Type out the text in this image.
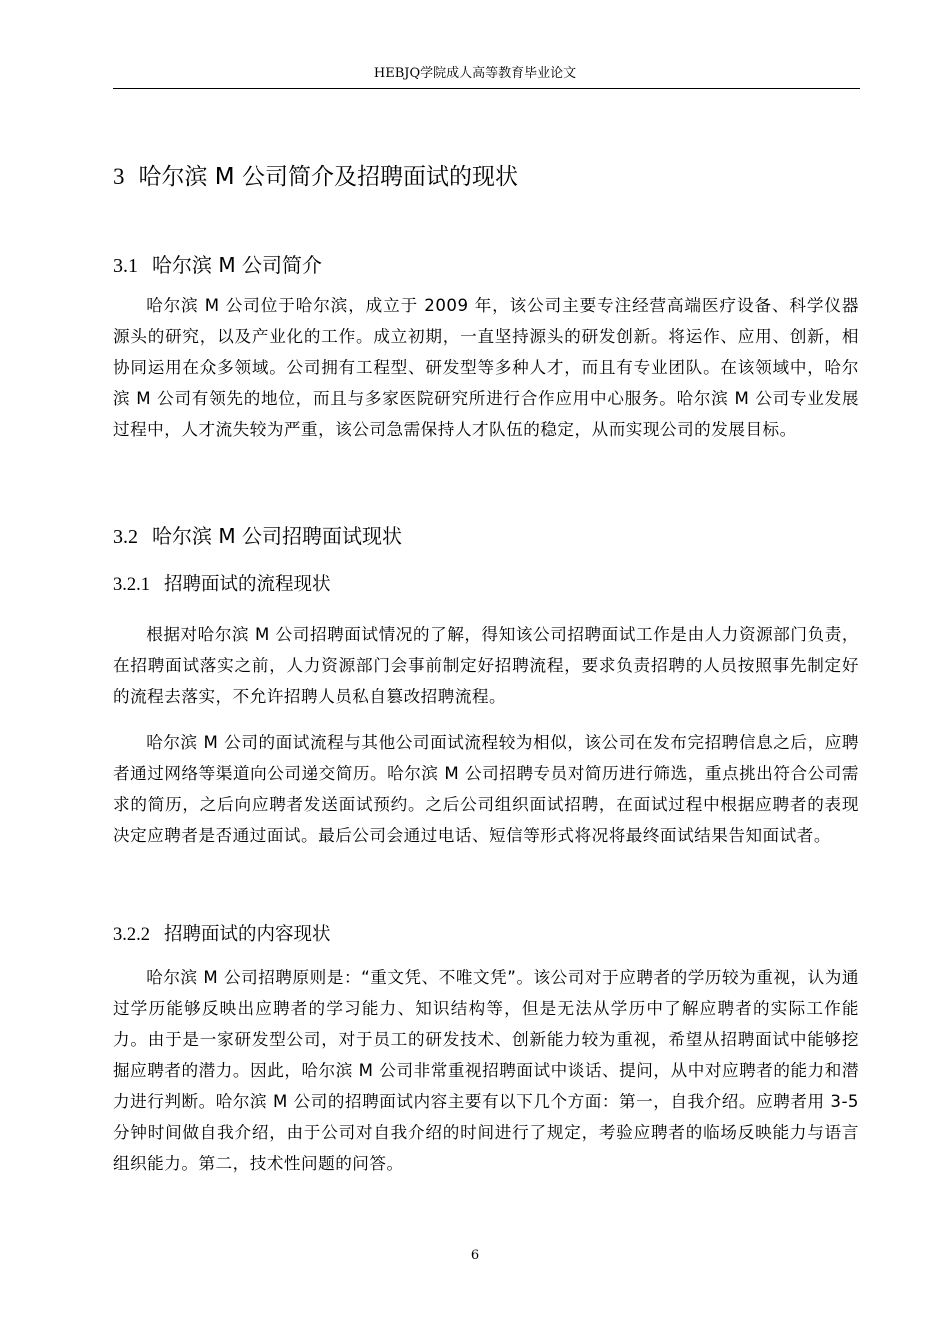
HEBJQ学院成人高等教育毕业论文
3 哈尔滨 M 公司简介及招聘面试的现状
3.1 哈尔滨 M 公司简介

哈尔滨 M 公司位于哈尔滨，成立于 2009 年，该公司主要专注经营高端医疗设备、科学仪器源头的研究，以及产业化的工作。成立初期，一直坚持源头的研发创新。将运作、应用、创新，相协同运用在众多领域。公司拥有工程型、研发型等多种人才，而且有专业团队。在该领域中，哈尔滨 M 公司有领先的地位，而且与多家医院研究所进行合作应用中心服务。哈尔滨 M 公司专业发展过程中，人才流失较为严重，该公司急需保持人才队伍的稳定，从而实现公司的发展目标。

3.2 哈尔滨 M 公司招聘面试现状
3.2.1 招聘面试的流程现状

根据对哈尔滨 M 公司招聘面试情况的了解，得知该公司招聘面试工作是由人力资源部门负责，在招聘面试落实之前，人力资源部门会事前制定好招聘流程，要求负责招聘的人员按照事先制定好的流程去落实，不允许招聘人员私自篡改招聘流程。

哈尔滨 M 公司的面试流程与其他公司面试流程较为相似，该公司在发布完招聘信息之后，应聘者通过网络等渠道向公司递交简历。哈尔滨 M 公司招聘专员对简历进行筛选，重点挑出符合公司需求的简历，之后向应聘者发送面试预约。之后公司组织面试招聘，在面试过程中根据应聘者的表现决定应聘者是否通过面试。最后公司会通过电话、短信等形式将况将最终面试结果告知面试者。

3.2.2 招聘面试的内容现状

哈尔滨 M 公司招聘原则是：“重文凭、不唯文凭”。该公司对于应聘者的学历较为重视，认为通过学历能够反映出应聘者的学习能力、知识结构等，但是无法从学历中了解应聘者的实际工作能力。由于是一家研发型公司，对于员工的研发技术、创新能力较为重视，希望从招聘面试中能够挖掘应聘者的潜力。因此，哈尔滨 M 公司非常重视招聘面试中谈话、提问，从中对应聘者的能力和潜力进行判断。哈尔滨 M 公司的招聘面试内容主要有以下几个方面：第一，自我介绍。应聘者用 3-5 分钟时间做自我介绍，由于公司对自我介绍的时间进行了规定，考验应聘者的临场反映能力与语言组织能力。第二，技术性问题的问答。

6
